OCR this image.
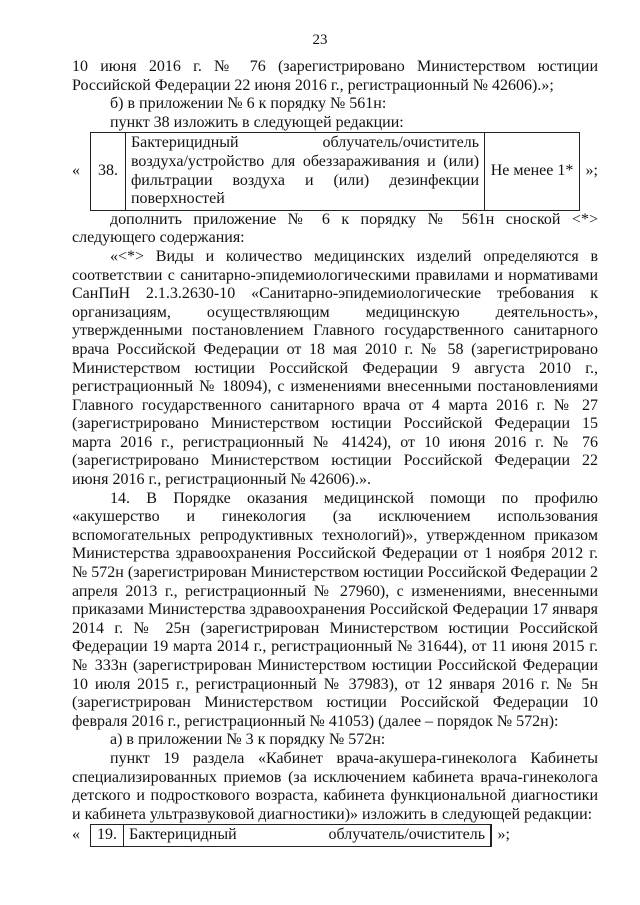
23

10 июня 2016 г. № 76 (зарегистрировано Министерством юстиции Российской Федерации 22 июня 2016 г., регистрационный № 42606).»;

б) в приложении № 6 к порядку № 561н:

пункт 38 изложить в следующей редакции:

«	38.	
Бактерицидный облучатель/очиститель
воздуха/устройство для обеззараживания и (или)
фильтрации воздуха и (или) дезинфекции
поверхностей
	Не менее 1* »;

дополнить приложение № 6 к порядку № 561н сноской <*> следующего содержания:

«<*> Виды и количество медицинских изделий определяются в соответствии с санитарно-эпидемиологическими правилами и нормативами СанПиН 2.1.3.2630-10 «Санитарно-эпидемиологические требования к организациям, осуществляющим медицинскую деятельность», утвержденными постановлением Главного государственного санитарного врача Российской Федерации от 18 мая 2010 г. № 58 (зарегистрировано Министерством юстиции Российской Федерации 9 августа 2010 г., регистрационный № 18094), с изменениями внесенными постановлениями Главного государственного санитарного врача от 4 марта 2016 г. № 27 (зарегистрировано Министерством юстиции Российской Федерации 15 марта 2016 г., регистрационный № 41424), от 10 июня 2016 г. № 76 (зарегистрировано Министерством юстиции Российской Федерации 22 июня 2016 г., регистрационный № 42606).».

14. В Порядке оказания медицинской помощи по профилю «акушерство и гинекология (за исключением использования вспомогательных репродуктивных технологий)», утвержденном приказом Министерства здравоохранения Российской Федерации от 1 ноября 2012 г. № 572н (зарегистрирован Министерством юстиции Российской Федерации 2 апреля 2013 г., регистрационный № 27960), с изменениями, внесенными приказами Министерства здравоохранения Российской Федерации 17 января 2014 г. № 25н (зарегистрирован Министерством юстиции Российской Федерации 19 марта 2014 г., регистрационный № 31644), от 11 июня 2015 г. № 333н (зарегистрирован Министерством юстиции Российской Федерации 10 июля 2015 г., регистрационный № 37983), от 12 января 2016 г. № 5н (зарегистрирован Министерством юстиции Российской Федерации 10 февраля 2016 г., регистрационный № 41053) (далее – порядок № 572н):

а) в приложении № 3 к порядку № 572н:

пункт 19 раздела «Кабинет врача-акушера-гинеколога Кабинеты специализированных приемов (за исключением кабинета врача-гинеколога детского и подросткового возраста, кабинета функциональной диагностики и кабинета ультразвуковой диагностики)» изложить в следующей редакции:

«	19.	Бактерицидный облучатель/очиститель	»;
